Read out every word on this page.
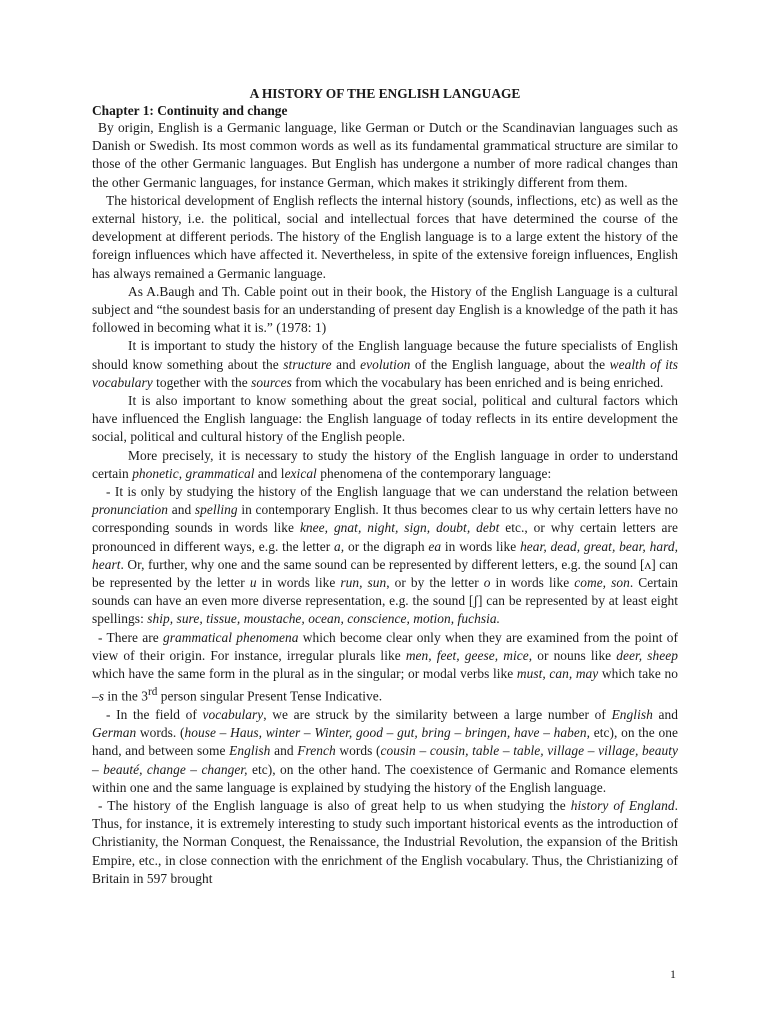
A HISTORY OF THE ENGLISH LANGUAGE
Chapter 1: Continuity and change

By origin, English is a Germanic language, like German or Dutch or the Scandinavian languages such as Danish or Swedish. Its most common words as well as its fundamental grammatical structure are similar to those of the other Germanic languages. But English has undergone a number of more radical changes than the other Germanic languages, for instance German, which makes it strikingly different from them.

The historical development of English reflects the internal history (sounds, inflections, etc) as well as the external history, i.e. the political, social and intellectual forces that have determined the course of the development at different periods. The history of the English language is to a large extent the history of the foreign influences which have affected it. Nevertheless, in spite of the extensive foreign influences, English has always remained a Germanic language.

As A.Baugh and Th. Cable point out in their book, the History of the English Language is a cultural subject and “the soundest basis for an understanding of present day English is a knowledge of the path it has followed in becoming what it is.” (1978: 1)

It is important to study the history of the English language because the future specialists of English should know something about the structure and evolution of the English language, about the wealth of its vocabulary together with the sources from which the vocabulary has been enriched and is being enriched.

It is also important to know something about the great social, political and cultural factors which have influenced the English language: the English language of today reflects in its entire development the social, political and cultural history of the English people.

More precisely, it is necessary to study the history of the English language in order to understand certain phonetic, grammatical and lexical phenomena of the contemporary language:

- It is only by studying the history of the English language that we can understand the relation between pronunciation and spelling in contemporary English. It thus becomes clear to us why certain letters have no corresponding sounds in words like knee, gnat, night, sign, doubt, debt etc., or why certain letters are pronounced in different ways, e.g. the letter a, or the digraph ea in words like hear, dead, great, bear, hard, heart. Or, further, why one and the same sound can be represented by different letters, e.g. the sound [ʌ] can be represented by the letter u in words like run, sun, or by the letter o in words like come, son. Certain sounds can have an even more diverse representation, e.g. the sound [ʃ] can be represented by at least eight spellings: ship, sure, tissue, moustache, ocean, conscience, motion, fuchsia.

- There are grammatical phenomena which become clear only when they are examined from the point of view of their origin. For instance, irregular plurals like men, feet, geese, mice, or nouns like deer, sheep which have the same form in the plural as in the singular; or modal verbs like must, can, may which take no –s in the 3rd person singular Present Tense Indicative.

- In the field of vocabulary, we are struck by the similarity between a large number of English and German words. (house – Haus, winter – Winter, good – gut, bring – bringen, have – haben, etc), on the one hand, and between some English and French words (cousin – cousin, table – table, village – village, beauty – beauté, change – changer, etc), on the other hand. The coexistence of Germanic and Romance elements within one and the same language is explained by studying the history of the English language.

- The history of the English language is also of great help to us when studying the history of England. Thus, for instance, it is extremely interesting to study such important historical events as the introduction of Christianity, the Norman Conquest, the Renaissance, the Industrial Revolution, the expansion of the British Empire, etc., in close connection with the enrichment of the English vocabulary. Thus, the Christianizing of Britain in 597 brought

1
